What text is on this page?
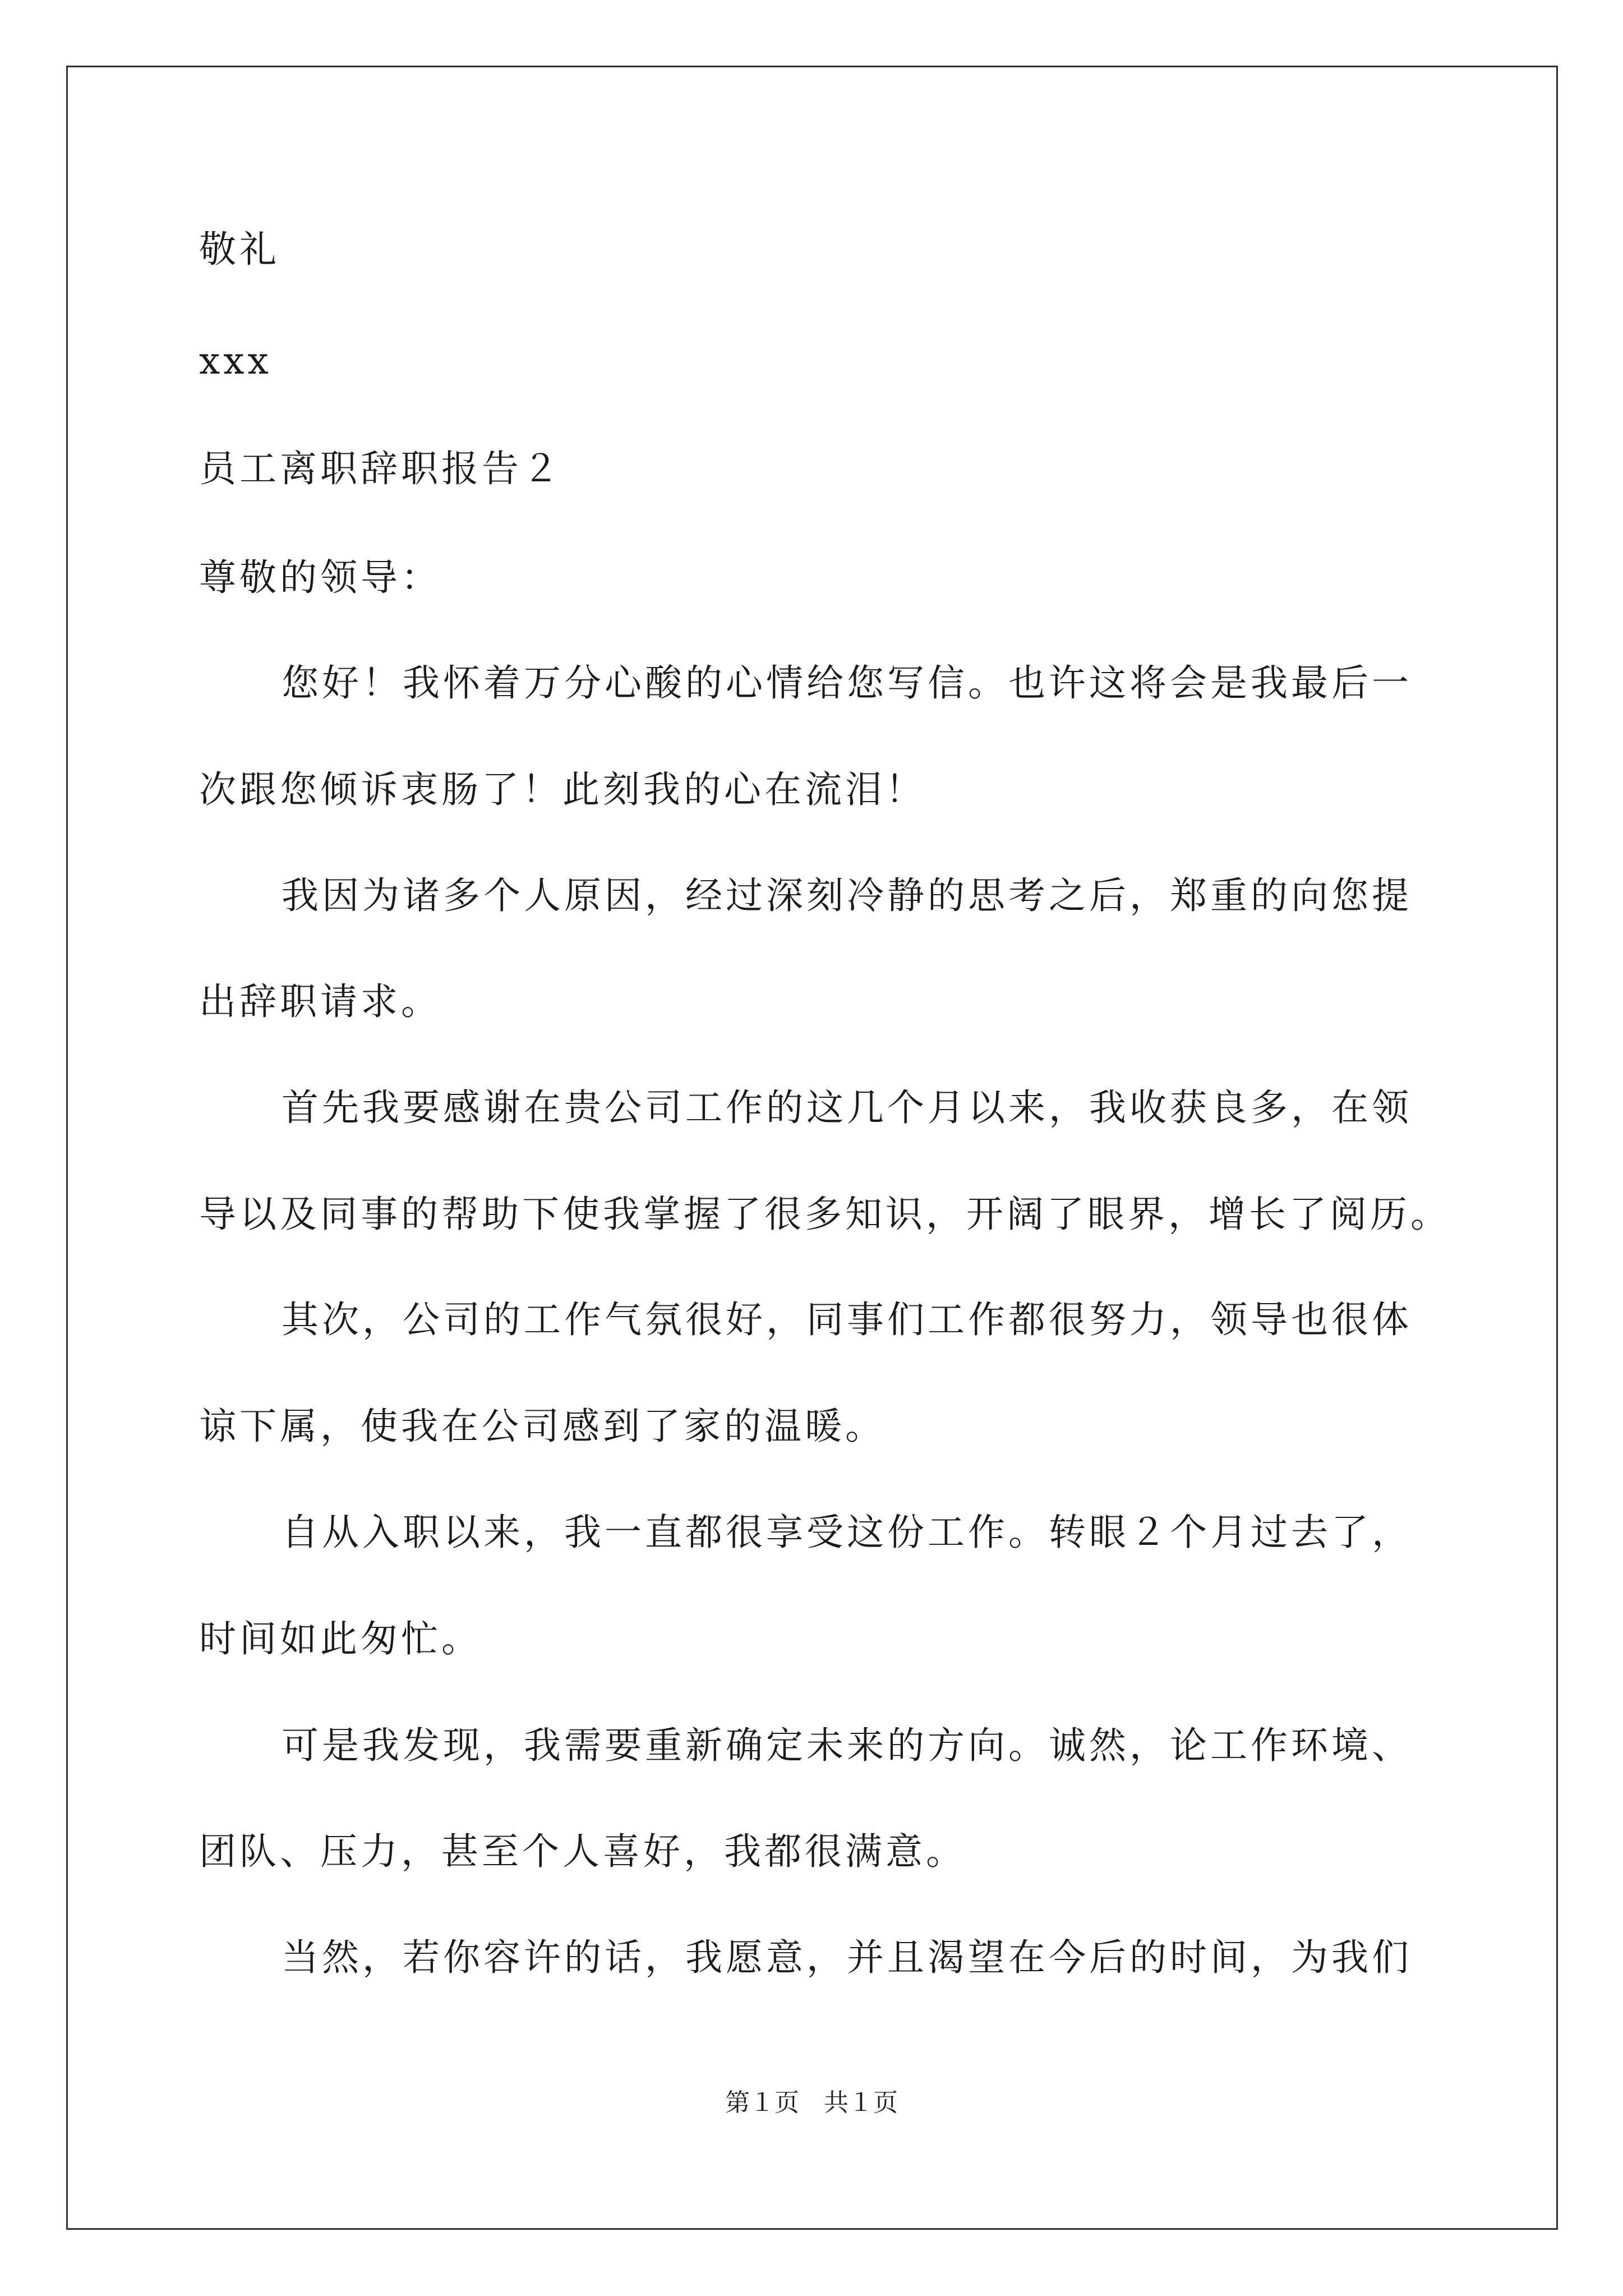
敬礼
xxx
员工离职辞职报告２
尊敬的领导：
您好！我怀着万分心酸的心情给您写信。也许这将会是我最后一
次跟您倾诉衷肠了！此刻我的心在流泪！
我因为诸多个人原因，经过深刻冷静的思考之后，郑重的向您提
出辞职请求。
首先我要感谢在贵公司工作的这几个月以来，我收获良多，在领
导以及同事的帮助下使我掌握了很多知识，开阔了眼界，增长了阅历。
其次，公司的工作气氛很好，同事们工作都很努力，领导也很体
谅下属，使我在公司感到了家的温暖。
自从入职以来，我一直都很享受这份工作。转眼２个月过去了，
时间如此匆忙。
可是我发现，我需要重新确定未来的方向。诚然，论工作环境、
团队、压力，甚至个人喜好，我都很满意。
当然，若你容许的话，我愿意，并且渴望在今后的时间，为我们
第１页　共１页
